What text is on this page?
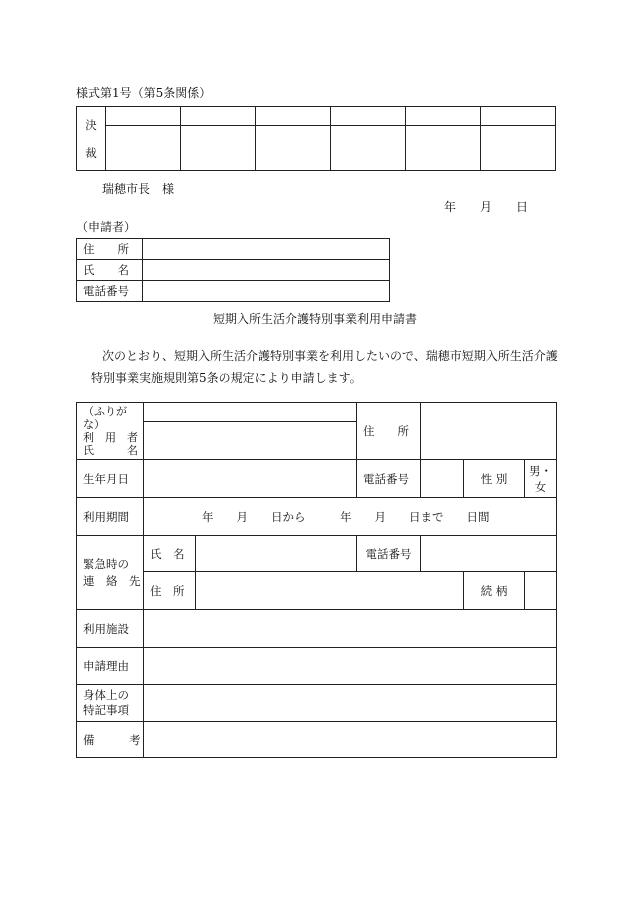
様式第1号（第5条関係）
決
裁						

瑞穂市長　様
年 月 日
（申請者）
住　　所	
氏　　名	
電話番号	
短期入所生活介護特別事業利用申請書
次のとおり、短期入所生活介護特別事業を利用したいので、瑞穂市短期入所生活介護
特別事業実施規則第5条の規定により申請します。
（ふりがな）
利　用　者
氏　　　名			住　　所			

生年月日			電話番号		性 別	男・女
利用期間	年　　月　　日から　　　年　　月　　日まで　　日間					

緊急時の
連　絡　先	氏　名		電話番号			
	住　所				続 柄	
利用施設						
申請理由						

身体上の
特記事項						

備　　　考						
